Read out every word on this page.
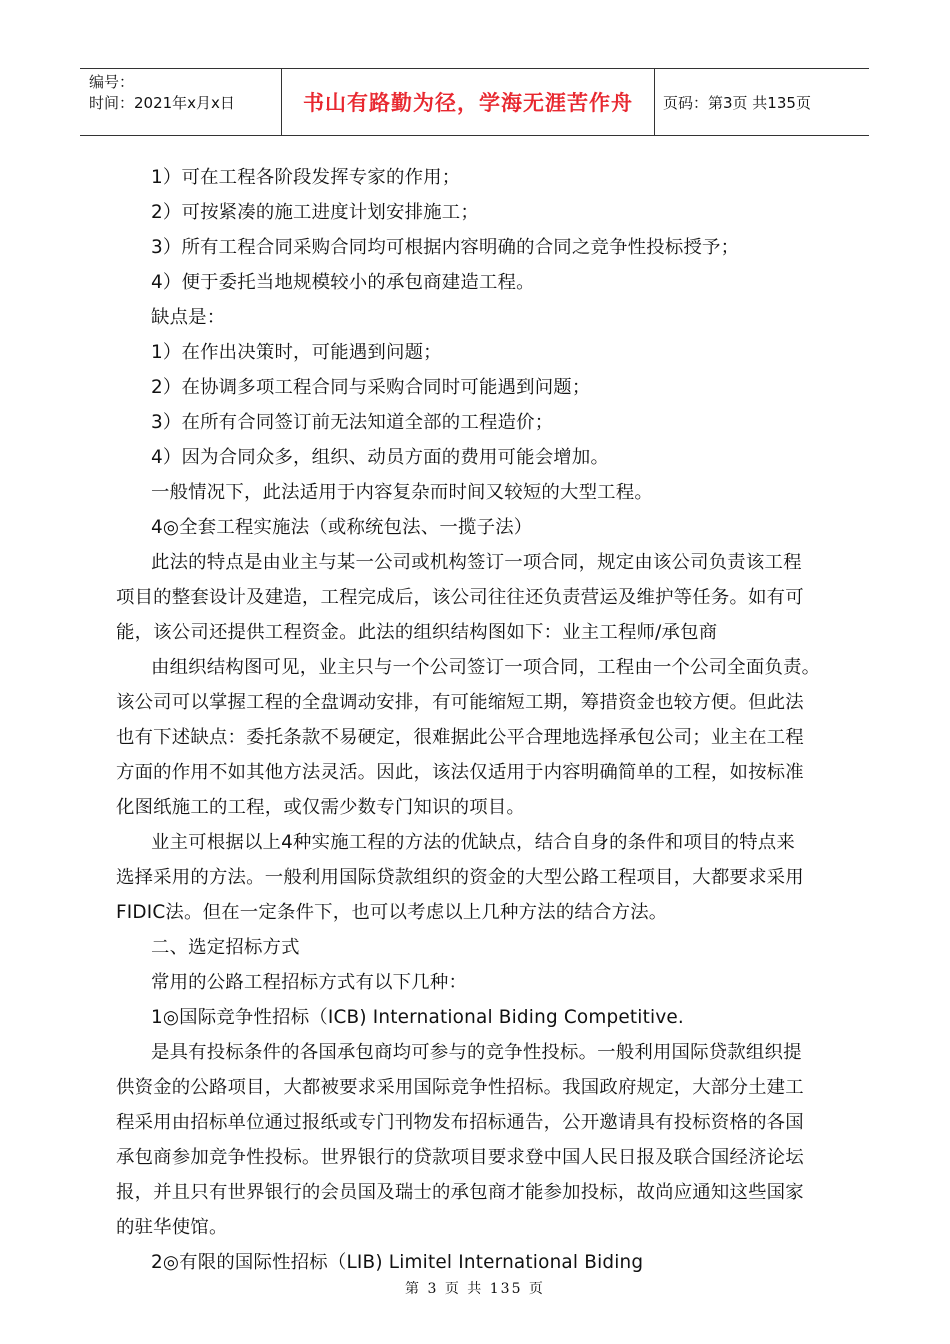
编号：
时间：2021年x月x日	书山有路勤为径，学海无涯苦作舟	页码：第3页 共135页

1）可在工程各阶段发挥专家的作用；

2）可按紧凑的施工进度计划安排施工；

3）所有工程合同采购合同均可根据内容明确的合同之竞争性投标授予；

4）便于委托当地规模较小的承包商建造工程。

缺点是：

1）在作出决策时，可能遇到问题；

2）在协调多项工程合同与采购合同时可能遇到问题；

3）在所有合同签订前无法知道全部的工程造价；

4）因为合同众多，组织、动员方面的费用可能会增加。

一般情况下，此法适用于内容复杂而时间又较短的大型工程。

4◎全套工程实施法（或称统包法、一揽子法）

此法的特点是由业主与某一公司或机构签订一项合同，规定由该公司负责该工程

项目的整套设计及建造，工程完成后，该公司往往还负责营运及维护等任务。如有可

能，该公司还提供工程资金。此法的组织结构图如下：业主工程师/承包商

由组织结构图可见，业主只与一个公司签订一项合同，工程由一个公司全面负责。

该公司可以掌握工程的全盘调动安排，有可能缩短工期，筹措资金也较方便。但此法

也有下述缺点：委托条款不易硬定，很难据此公平合理地选择承包公司；业主在工程

方面的作用不如其他方法灵活。因此，该法仅适用于内容明确简单的工程，如按标准

化图纸施工的工程，或仅需少数专门知识的项目。

业主可根据以上4种实施工程的方法的优缺点，结合自身的条件和项目的特点来

选择采用的方法。一般利用国际贷款组织的资金的大型公路工程项目，大都要求采用

FIDIC法。但在一定条件下，也可以考虑以上几种方法的结合方法。

二、选定招标方式

常用的公路工程招标方式有以下几种：

1◎国际竞争性招标（ICB) International Biding Competitive.

是具有投标条件的各国承包商均可参与的竞争性投标。一般利用国际贷款组织提

供资金的公路项目，大都被要求采用国际竞争性招标。我国政府规定，大部分土建工

程采用由招标单位通过报纸或专门刊物发布招标通告，公开邀请具有投标资格的各国

承包商参加竞争性投标。世界银行的贷款项目要求登中国人民日报及联合国经济论坛

报，并且只有世界银行的会员国及瑞士的承包商才能参加投标，故尚应通知这些国家

的驻华使馆。

2◎有限的国际性招标（LIB) Limitel International Biding

第 3 页 共 135 页
